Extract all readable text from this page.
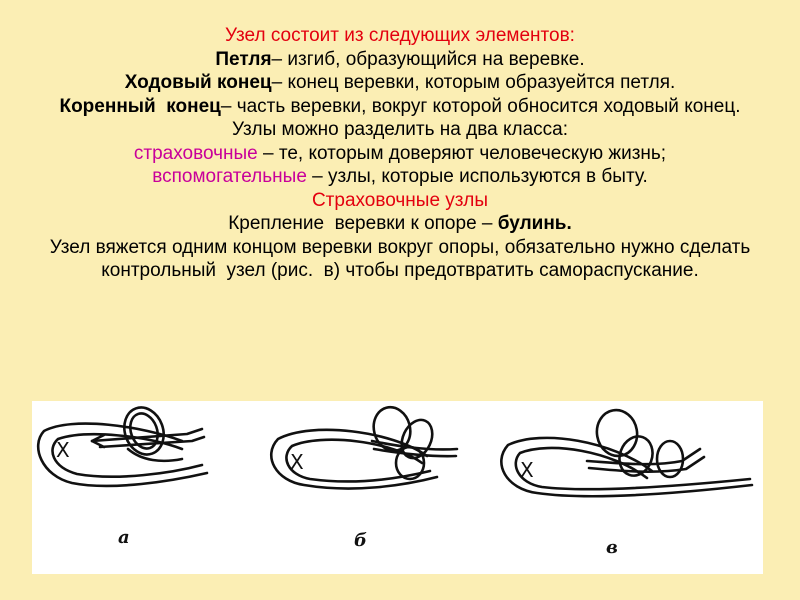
Узел состоит из следующих элементов:
Петля– изгиб, образующийся на веревке.
Ходовый конец– конец веревки, которым образуейтся петля.
Коренный  конец– часть веревки, вокруг которой обносится ходовый конец.
Узлы можно разделить на два класса:
страховочные – те, которым доверяют человеческую жизнь;
вспомогательные – узлы, которые используются в быту.
Страховочные узлы
Крепление  веревки к опоре – булинь.
Узел вяжется одним концом веревки вокруг опоры, обязательно нужно сделать контрольный  узел (рис.  в) чтобы предотвратить самораспускание.
X
а
X
б
X
в
